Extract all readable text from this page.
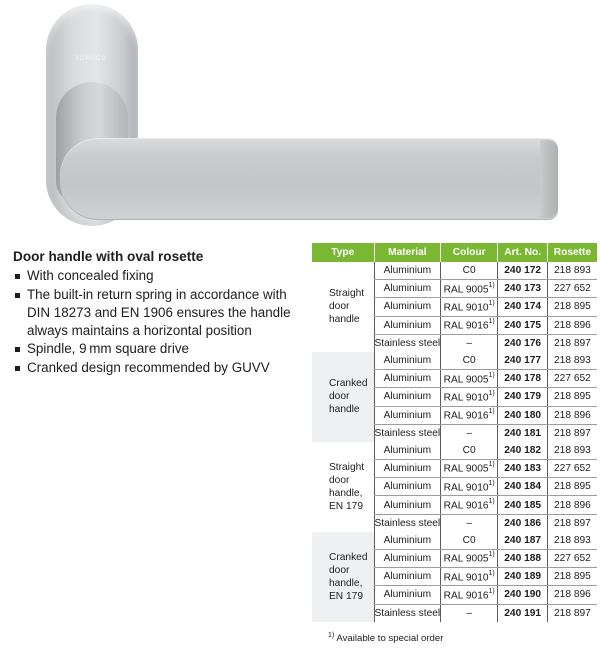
SCHÜCO
Door handle with oval rosette
With concealed fixing
The built-in return spring in accordance with DIN 18273 and EN 1906 ensures the handle always maintains a horizontal position
Spindle, 9 mm square drive
Cranked design recommended by GUVV
Type	Material	Colour	Art. No.	Rosette
Straight
door
handle	Aluminium	C0	240 172	218 893
	Aluminium	RAL 9005$^{1)}$	240 173	227 652
	Aluminium	RAL 9010$^{1)}$	240 174	218 895
	Aluminium	RAL 9016$^{1)}$	240 175	218 896
	Stainless steel	–	240 176	218 897
Cranked
door
handle	Aluminium	C0	240 177	218 893
	Aluminium	RAL 9005$^{1)}$	240 178	227 652
	Aluminium	RAL 9010$^{1)}$	240 179	218 895
	Aluminium	RAL 9016$^{1)}$	240 180	218 896
	Stainless steel	–	240 181	218 897
Straight
door
handle,
EN 179	Aluminium	C0	240 182	218 893
	Aluminium	RAL 9005$^{1)}$	240 183	227 652
	Aluminium	RAL 9010$^{1)}$	240 184	218 895
	Aluminium	RAL 9016$^{1)}$	240 185	218 896
	Stainless steel	–	240 186	218 897
Cranked
door
handle,
EN 179	Aluminium	C0	240 187	218 893
	Aluminium	RAL 9005$^{1)}$	240 188	227 652
	Aluminium	RAL 9010$^{1)}$	240 189	218 895
	Aluminium	RAL 9016$^{1)}$	240 190	218 896
	Stainless steel	–	240 191	218 897
$^{1)}$ Available to special order
